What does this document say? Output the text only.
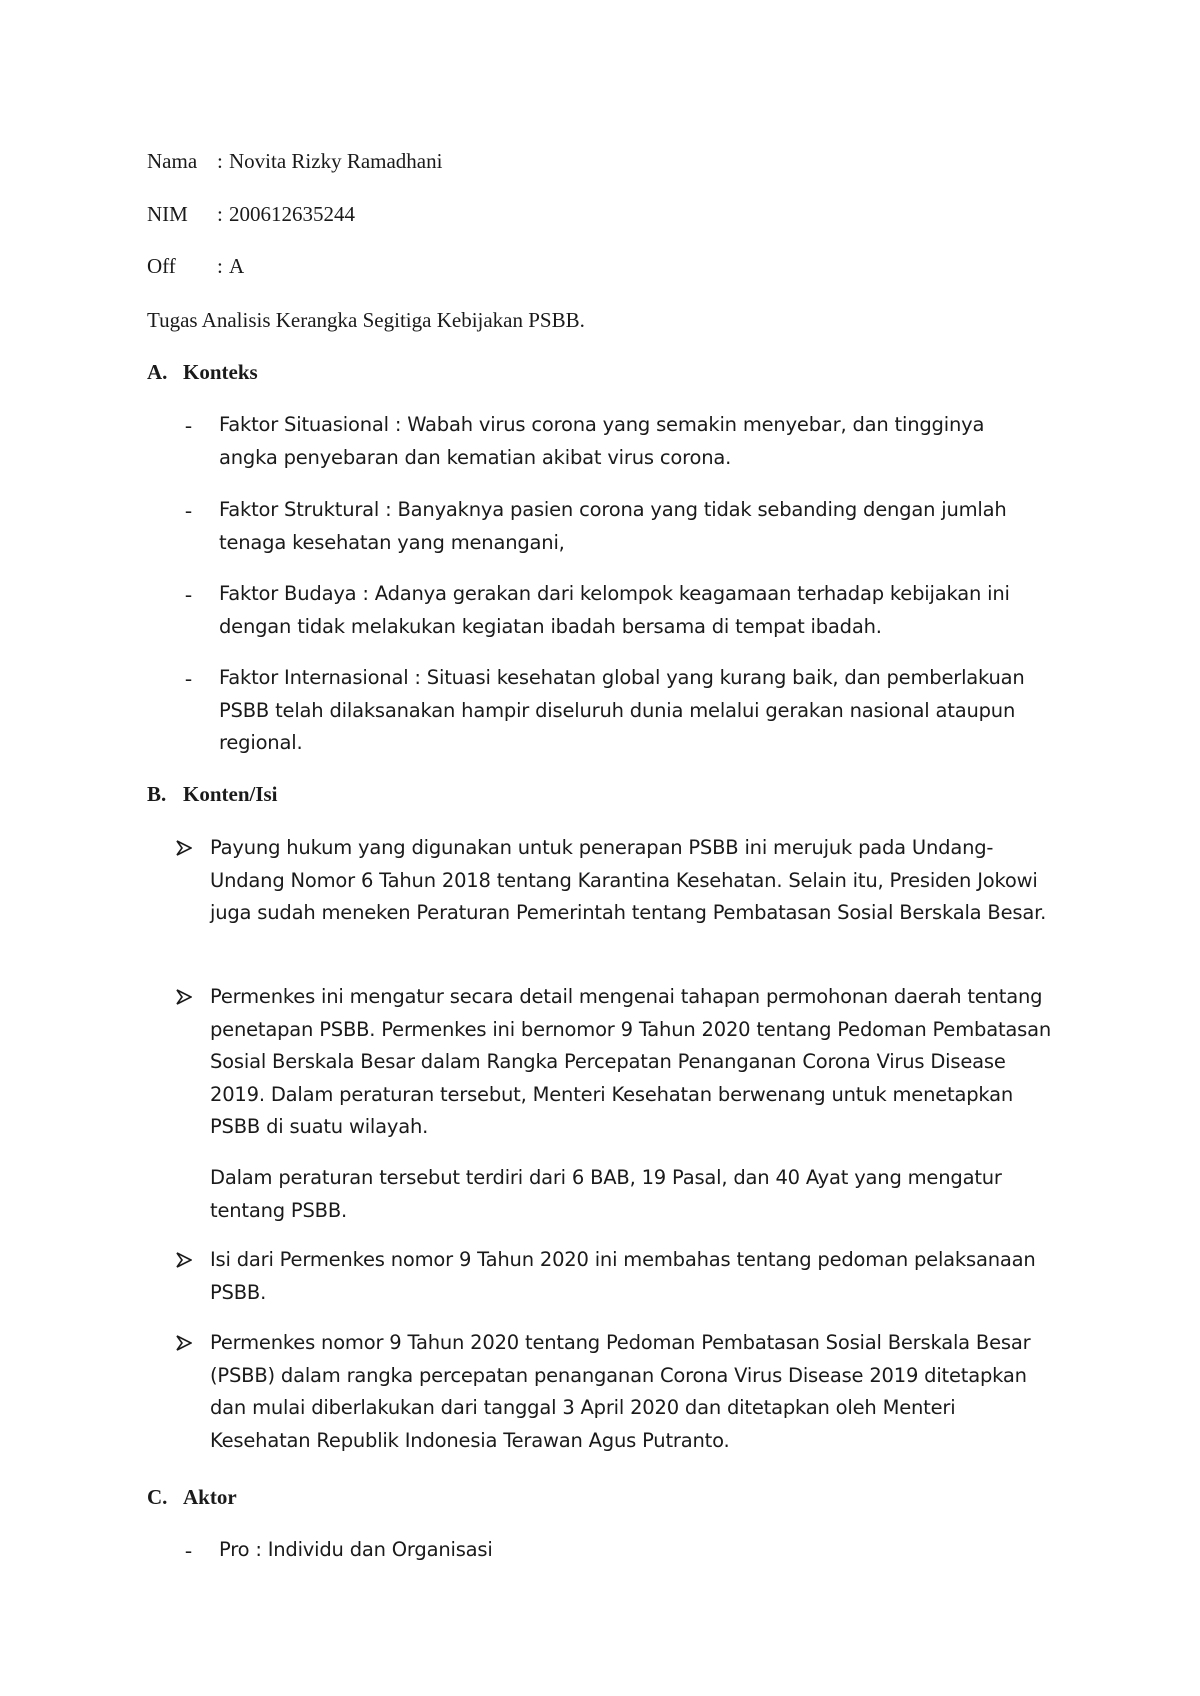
Nama : Novita Rizky Ramadhani
NIM : 200612635244
Off : A
Tugas Analisis Kerangka Segitiga Kebijakan PSBB.
A. Konteks
- Faktor Situasional : Wabah virus corona yang semakin menyebar, dan tingginya angka penyebaran dan kematian akibat virus corona.
- Faktor Struktural : Banyaknya pasien corona yang tidak sebanding dengan jumlah tenaga kesehatan yang menangani,
- Faktor Budaya : Adanya gerakan dari kelompok keagamaan terhadap kebijakan ini dengan tidak melakukan kegiatan ibadah bersama di tempat ibadah.
- Faktor Internasional : Situasi kesehatan global yang kurang baik, dan pemberlakuan PSBB telah dilaksanakan hampir diseluruh dunia melalui gerakan nasional ataupun regional.
B. Konten/Isi
Payung hukum yang digunakan untuk penerapan PSBB ini merujuk pada Undang-Undang Nomor 6 Tahun 2018 tentang Karantina Kesehatan. Selain itu, Presiden Jokowi juga sudah meneken Peraturan Pemerintah tentang Pembatasan Sosial Berskala Besar.
Permenkes ini mengatur secara detail mengenai tahapan permohonan daerah tentang penetapan PSBB. Permenkes ini bernomor 9 Tahun 2020 tentang Pedoman Pembatasan Sosial Berskala Besar dalam Rangka Percepatan Penanganan Corona Virus Disease 2019. Dalam peraturan tersebut, Menteri Kesehatan berwenang untuk menetapkan PSBB di suatu wilayah.
Dalam peraturan tersebut terdiri dari 6 BAB, 19 Pasal, dan 40 Ayat yang mengatur tentang PSBB.
Isi dari Permenkes nomor 9 Tahun 2020 ini membahas tentang pedoman pelaksanaan PSBB.
Permenkes nomor 9 Tahun 2020 tentang Pedoman Pembatasan Sosial Berskala Besar (PSBB) dalam rangka percepatan penanganan Corona Virus Disease 2019 ditetapkan dan mulai diberlakukan dari tanggal 3 April 2020 dan ditetapkan oleh Menteri Kesehatan Republik Indonesia Terawan Agus Putranto.
C. Aktor
- Pro : Individu dan Organisasi
